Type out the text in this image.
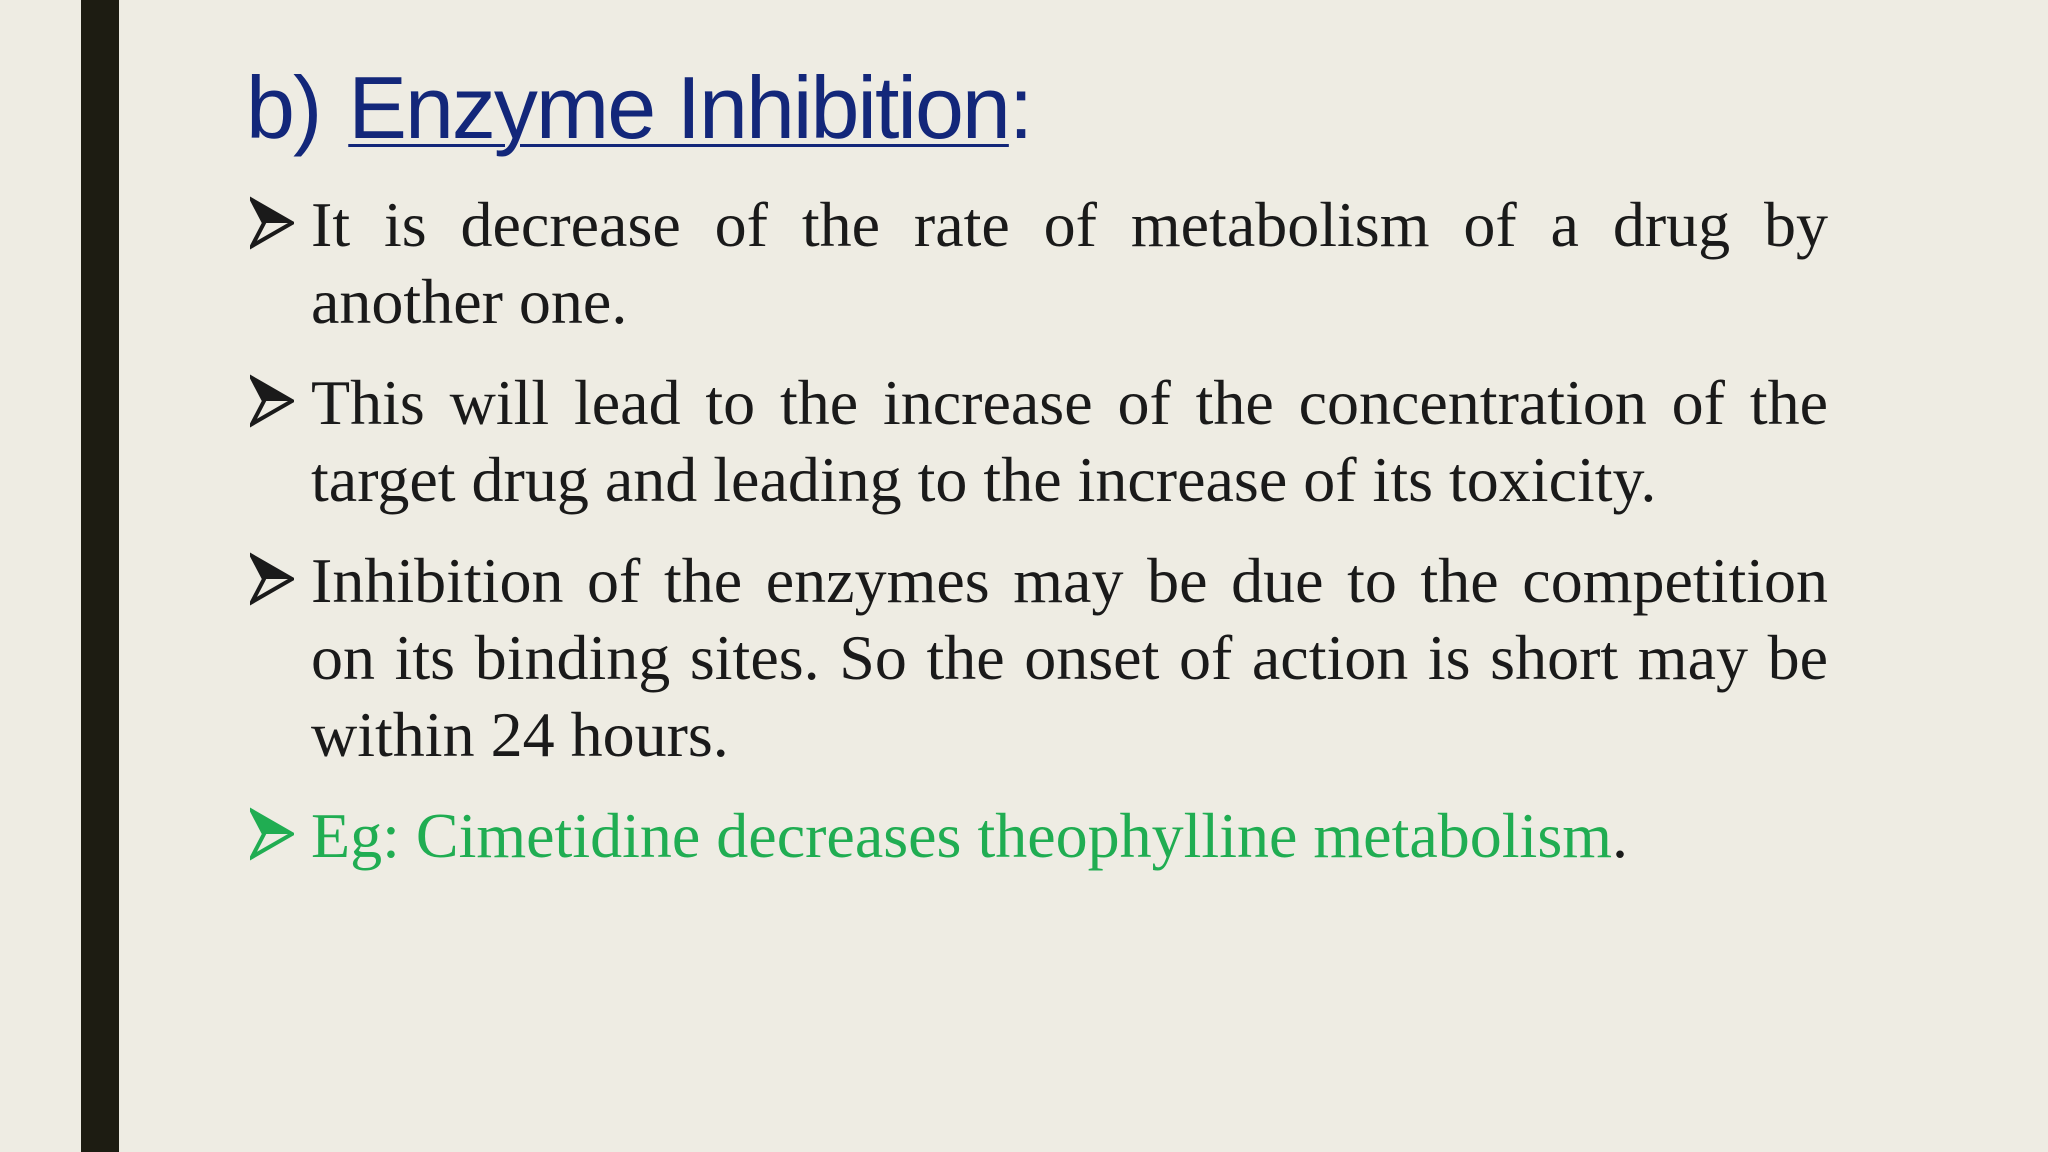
b) Enzyme Inhibition:
It is decrease of the rate of metabolism of a drug by another one.
This will lead to the increase of the concentration of the target drug and leading to the increase of its toxicity.
Inhibition of the enzymes may be due to the competition on its binding sites. So the onset of action is short may be within 24 hours.
Eg: Cimetidine decreases theophylline metabolism.
